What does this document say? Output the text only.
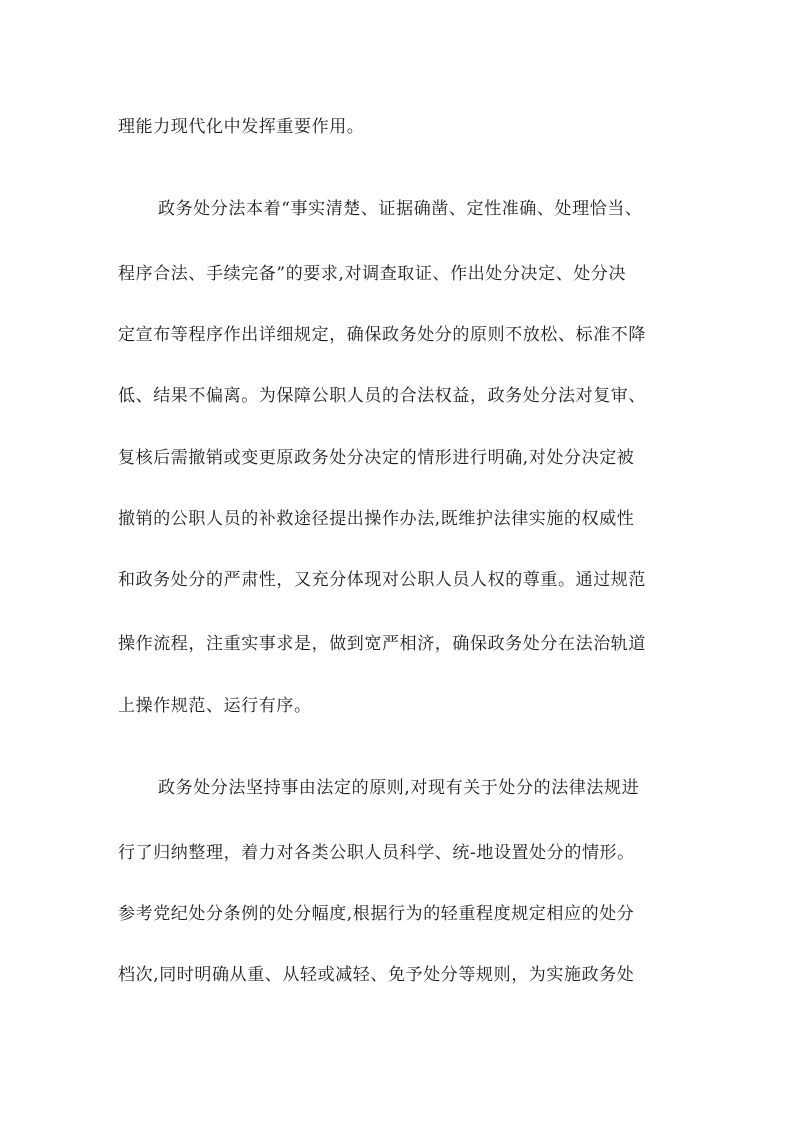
理能力现代化中发挥重要作用。
政务处分法本着“事实清楚、证据确凿、定性准确、处理恰当、
程序合法、手续完备”的要求,对调查取证、作出处分决定、处分决
定宣布等程序作出详细规定，确保政务处分的原则不放松、标准不降
低、结果不偏离。为保障公职人员的合法权益，政务处分法对复审、
复核后需撤销或变更原政务处分决定的情形进行明确,对处分决定被
撤销的公职人员的补救途径提出操作办法,既维护法律实施的权威性
和政务处分的严肃性，又充分体现对公职人员人权的尊重。通过规范
操作流程，注重实事求是，做到宽严相济，确保政务处分在法治轨道
上操作规范、运行有序。
政务处分法坚持事由法定的原则,对现有关于处分的法律法规进
行了归纳整理，着力对各类公职人员科学、统-地设置处分的情形。
参考党纪处分条例的处分幅度,根据行为的轻重程度规定相应的处分
档次,同时明确从重、从轻或减轻、免予处分等规则，为实施政务处
